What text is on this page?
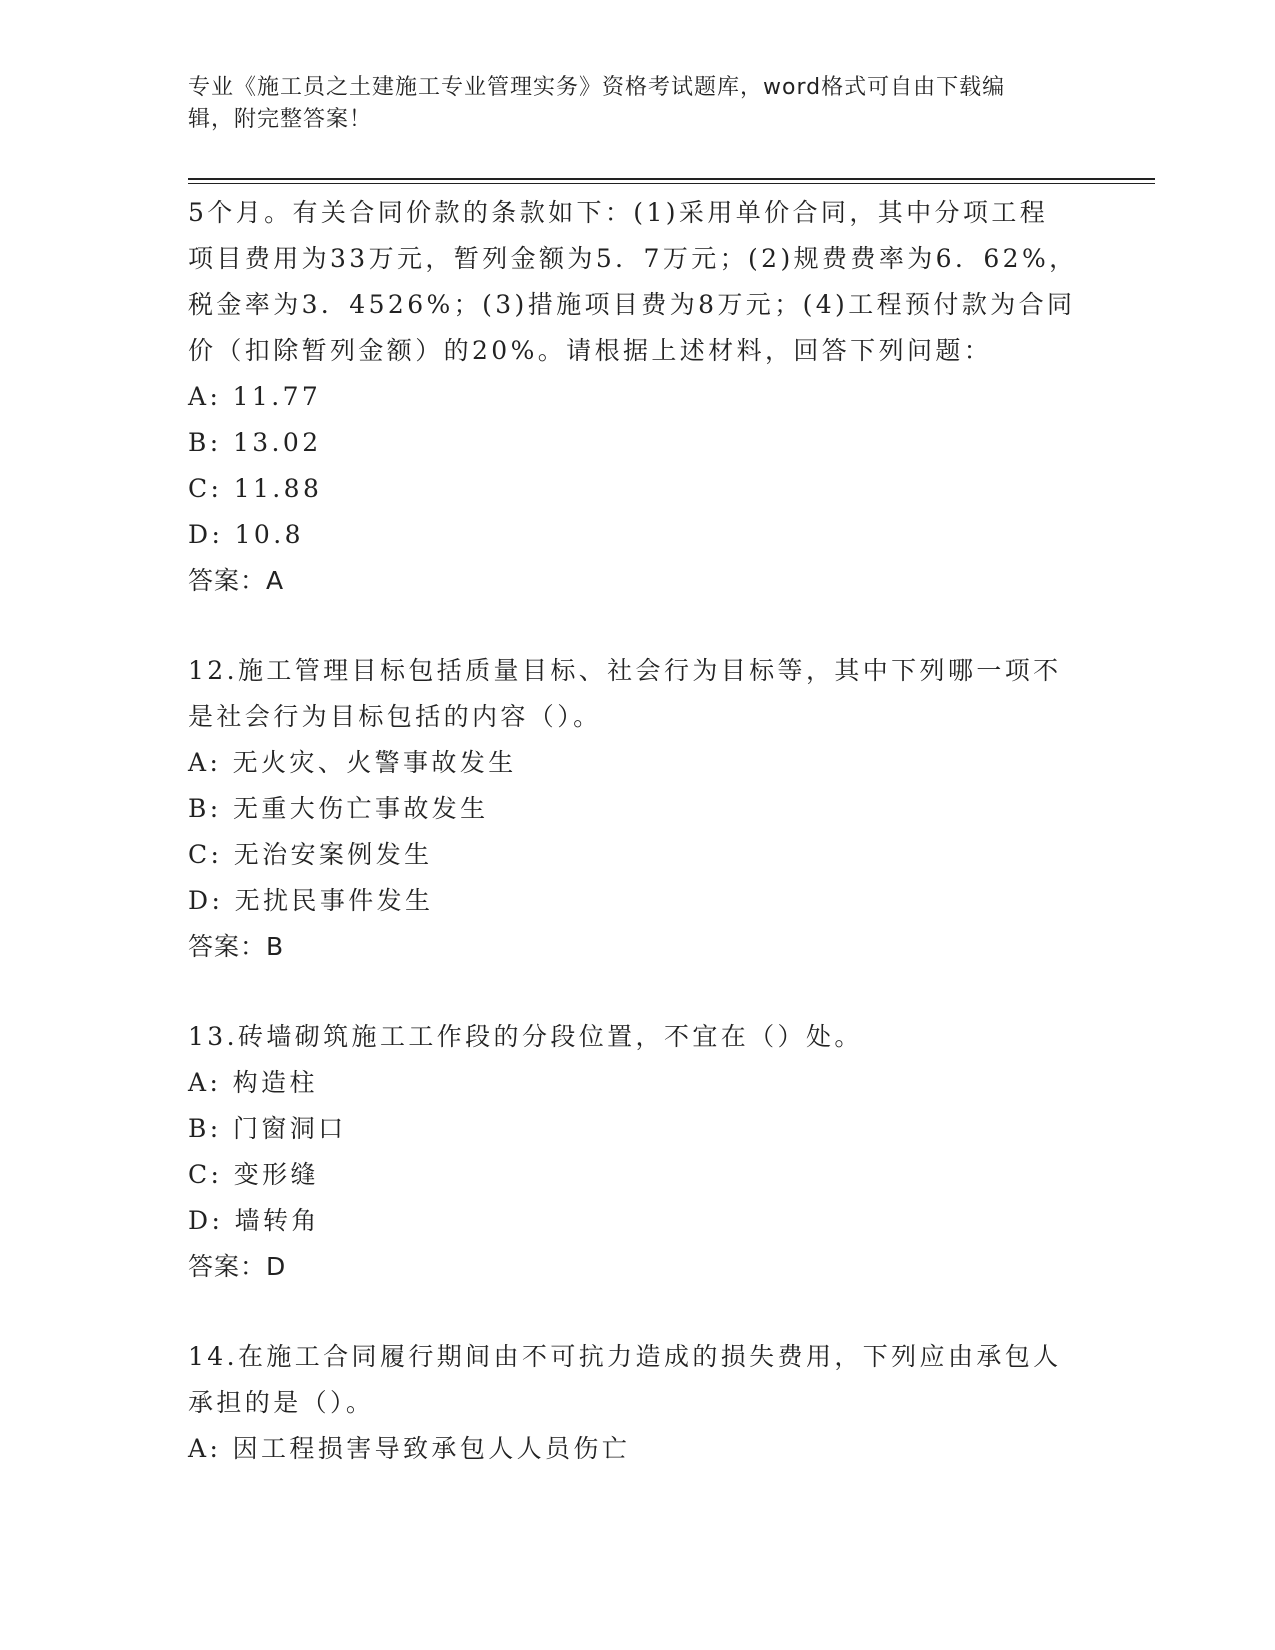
专业《施工员之土建施工专业管理实务》资格考试题库，word格式可自由下载编
辑，附完整答案！
5个月。有关合同价款的条款如下：(1)采用单价合同，其中分项工程
项目费用为33万元，暂列金额为5．7万元；(2)规费费率为6．62%，
税金率为3．4526%；(3)措施项目费为8万元；(4)工程预付款为合同
价（扣除暂列金额）的20%。请根据上述材料，回答下列问题：
A: 11.77
B: 13.02
C: 11.88
D: 10.8
答案：A
12.施工管理目标包括质量目标、社会行为目标等，其中下列哪一项不
是社会行为目标包括的内容（）。
A: 无火灾、火警事故发生
B: 无重大伤亡事故发生
C: 无治安案例发生
D: 无扰民事件发生
答案：B
13.砖墙砌筑施工工作段的分段位置，不宜在（）处。
A: 构造柱
B: 门窗洞口
C: 变形缝
D: 墙转角
答案：D
14.在施工合同履行期间由不可抗力造成的损失费用，下列应由承包人
承担的是（）。
A: 因工程损害导致承包人人员伤亡
